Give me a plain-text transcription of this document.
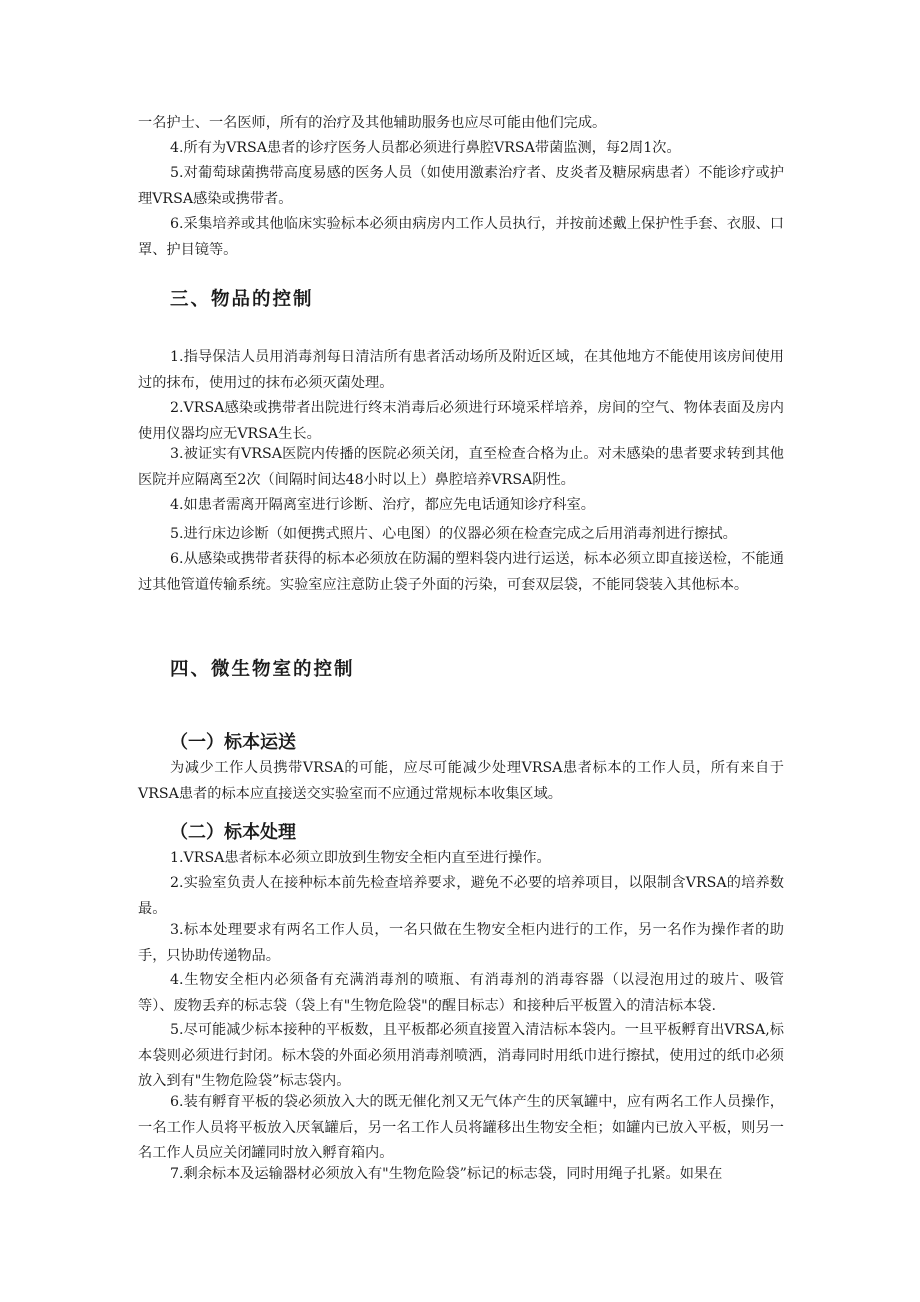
一名护士、一名医师，所有的治疗及其他辅助服务也应尽可能由他们完成。

4.所有为VRSA患者的诊疗医务人员都必须进行鼻腔VRSA带菌监测，每2周1次。

5.对葡萄球菌携带高度易感的医务人员（如使用激素治疗者、皮炎者及糖尿病患者）不能诊疗或护理VRSA感染或携带者。

6.采集培养或其他临床实验标本必须由病房内工作人员执行，并按前述戴上保护性手套、衣服、口罩、护目镜等。

三、物品的控制

1.指导保洁人员用消毒剂每日清洁所有患者活动场所及附近区域，在其他地方不能使用该房间使用过的抹布，使用过的抹布必须灭菌处理。

2.VRSA感染或携带者出院进行终末消毒后必须进行环境采样培养，房间的空气、物体表面及房内使用仪器均应无VRSA生长。

3.被证实有VRSA医院内传播的医院必须关闭，直至检查合格为止。对未感染的患者要求转到其他医院并应隔离至2次（间隔时间达48小时以上）鼻腔培养VRSA阴性。

4.如患者需离开隔离室进行诊断、治疗，都应先电话通知诊疗科室。

5.进行床边诊断（如便携式照片、心电图）的仪器必须在检查完成之后用消毒剂进行擦拭。

6.从感染或携带者获得的标本必须放在防漏的塑料袋内进行运送，标本必须立即直接送检，不能通过其他管道传输系统。实验室应注意防止袋子外面的污染，可套双层袋，不能同袋装入其他标本。

四、微生物室的控制
（一）标本运送

为减少工作人员携带VRSA的可能，应尽可能减少处理VRSA患者标本的工作人员，所有来自于VRSA患者的标本应直接送交实验室而不应通过常规标本收集区域。

（二）标本处理

1.VRSA患者标本必须立即放到生物安全柜内直至进行操作。

2.实验室负责人在接种标本前先检查培养要求，避免不必要的培养项目，以限制含VRSA的培养数最。

3.标本处理要求有两名工作人员，一名只做在生物安全柜内进行的工作，另一名作为操作者的助手，只协助传递物品。

4.生物安全柜内必须备有充满消毒剂的喷瓶、有消毒剂的消毒容器（以浸泡用过的玻片、吸管等）、废物丢弃的标志袋（袋上有"生物危险袋"的醒目标志）和接种后平板置入的清洁标本袋.

5.尽可能减少标本接种的平板数，且平板都必须直接置入清洁标本袋内。一旦平板孵育出VRSA,标本袋则必须进行封闭。标木袋的外面必须用消毒剂喷洒，消毒同时用纸巾进行擦拭，使用过的纸巾必须放入到有"生物危险袋”标志袋内。

6.装有孵育平板的袋必须放入大的既无催化剂又无气体产生的厌氧罐中，应有两名工作人员操作，一名工作人员将平板放入厌氧罐后，另一名工作人员将罐移出生物安全柜；如罐内已放入平板，则另一名工作人员应关闭罐同时放入孵育箱内。

7.剩余标本及运输器材必须放入有"生物危险袋”标记的标志袋，同时用绳子扎紧。如果在
